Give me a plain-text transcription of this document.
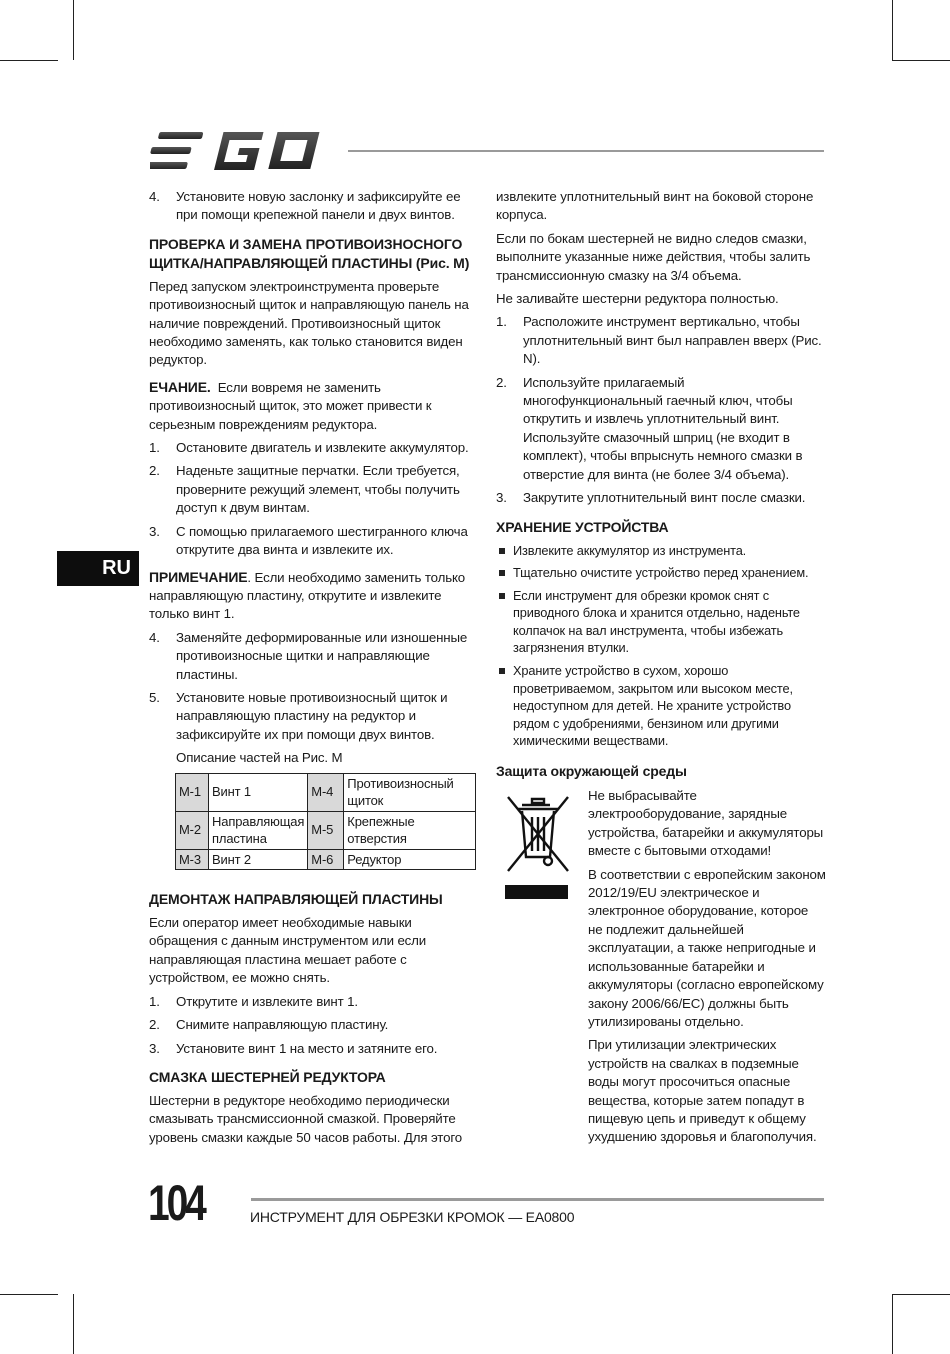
4. Установите новую заслонку и зафиксируйте ее при помощи крепежной панели и двух винтов.
ПРОВЕРКА И ЗАМЕНА ПРОТИВОИЗНОСНОГО ЩИТКА/НАПРАВЛЯЮЩЕЙ ПЛАСТИНЫ (Рис. M)

Перед запуском электроинструмента проверьте противоизносный щиток и направляющую панель на наличие повреждений. Противоизносный щиток необходимо заменять, как только становится виден редуктор.

ЕЧАНИЕ. Если вовремя не заменить противоизносный щиток, это может привести к серьезным повреждениям редуктора.

1. Остановите двигатель и извлеките аккумулятор.
2. Наденьте защитные перчатки. Если требуется, проверните режущий элемент, чтобы получить доступ к двум винтам.
3. С помощью прилагаемого шестигранного ключа открутите два винта и извлеките их.

ПРИМЕЧАНИЕ. Если необходимо заменить только направляющую пластину, открутите и извлеките только винт 1.

4. Заменяйте деформированные или изношенные противоизносные щитки и направляющие пластины.
5. Установите новые противоизносный щиток и направляющую пластину на редуктор и зафиксируйте их при помощи двух винтов.

Описание частей на Рис. M

M-1	Винт 1	M-4	Противоизносный щиток
M-2	Направляющая пластина	M-5	Крепежные отверстия
M-3	Винт 2	M-6	Редуктор
ДЕМОНТАЖ НАПРАВЛЯЮЩЕЙ ПЛАСТИНЫ

Если оператор имеет необходимые навыки обращения с данным инструментом или если направляющая пластина мешает работе с устройством, ее можно снять.

1. Открутите и извлеките винт 1.
2. Снимите направляющую пластину.
3. Установите винт 1 на место и затяните его.
СМАЗКА ШЕСТЕРНЕЙ РЕДУКТОРА

Шестерни в редукторе необходимо периодически смазывать трансмиссионной смазкой. Проверяйте уровень смазки каждые 50 часов работы. Для этого

извлеките уплотнительный винт на боковой стороне корпуса.

Если по бокам шестерней не видно следов смазки, выполните указанные ниже действия, чтобы залить трансмиссионную смазку на 3/4 объема.

Не заливайте шестерни редуктора полностью.

1. Расположите инструмент вертикально, чтобы уплотнительный винт был направлен вверх (Рис. N).
2. Используйте прилагаемый многофункциональный гаечный ключ, чтобы открутить и извлечь уплотнительный винт. Используйте смазочный шприц (не входит в комплект), чтобы впрыснуть немного смазки в отверстие для винта (не более 3/4 объема).
3. Закрутите уплотнительный винт после смазки.
ХРАНЕНИЕ УСТРОЙСТВА
Извлеките аккумулятор из инструмента.
Тщательно очистите устройство перед хранением.
Если инструмент для обрезки кромок снят с приводного блока и хранится отдельно, наденьте колпачок на вал инструмента, чтобы избежать загрязнения втулки.
Храните устройство в сухом, хорошо проветриваемом, закрытом или высоком месте, недоступном для детей. Не храните устройство рядом с удобрениями, бензином или другими химическими веществами.
Защита окружающей среды

Не выбрасывайте электрооборудование, зарядные устройства, батарейки и аккумуляторы вместе с бытовыми отходами!

В соответствии с европейским законом 2012/19/EU электрическое и электронное оборудование, которое не подлежит дальнейшей эксплуатации, а также непригодные и использованные батарейки и аккумуляторы (согласно европейскому закону 2006/66/EC) должны быть утилизированы отдельно.

При утилизации электрических устройств на свалках в подземные воды могут просочиться опасные вещества, которые затем попадут в пищевую цепь и приведут к общему ухудшению здоровья и благополучия.

RU
104	ИНСТРУМЕНТ ДЛЯ ОБРЕЗКИ КРОМОК — EA0800
